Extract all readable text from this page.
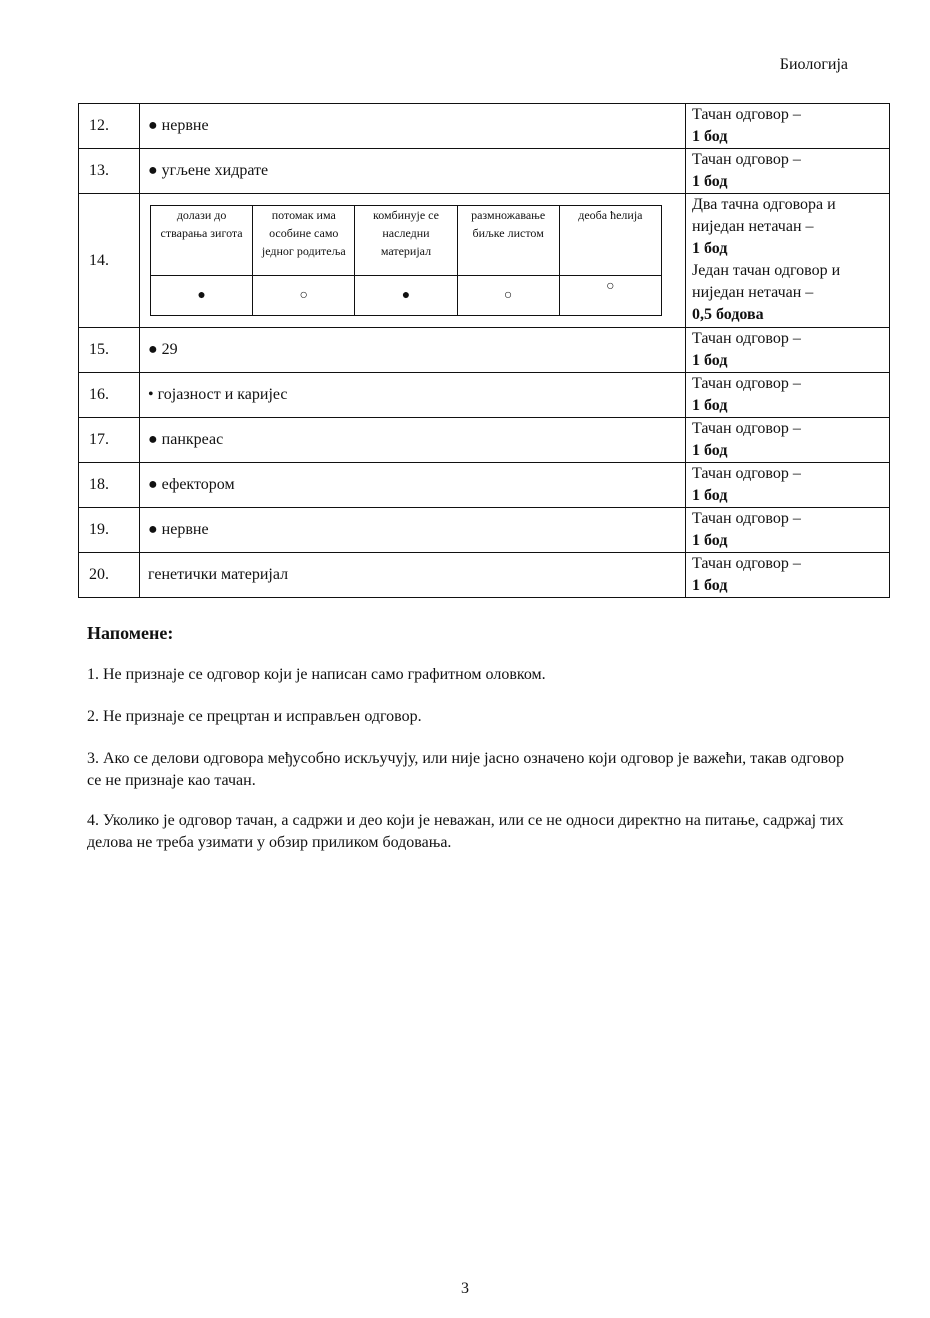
Биологија
12.	● нервне	Тачан одговор –
1 бод

13.	● угљене хидрате	Тачан одговор –
1 бод

14.	
долази до стварања зигота	потомак има особине само једног родитеља	комбинује се наследни материјал	размножавање биљке листом	деоба ћелија
●	○	●	○	○
	Два тачна одговора и нијeдан нетачан –
1 бод
Један тачан одговор и ниједан нетачан –
0,5 бодова

15.	● 29	Тачан одговор –
1 бод

16.	• гојазност и каријес	Тачан одговор –
1 бод

17.	● панкреас	Тачан одговор –
1 бод

18.	● ефектором	Тачан одговор –
1 бод

19.	● нервне	Тачан одговор –
1 бод

20.	генетички материјал	Тачан одговор –
1 бод
Напомене:
1. Не признаје се одговор који је написан само графитном оловком.
2. Не признаје се прецртан и исправљен одговор.
3. Ако се делови одговора међусобно искључују, или није јасно означено који одговор је важећи, такав одговор се не признаје као тачан.
4. Уколико је одговор тачан, а садржи и део који је неважан, или се не односи директно на питање, садржај тих делова не треба узимати у обзир приликом бодовања.
3
